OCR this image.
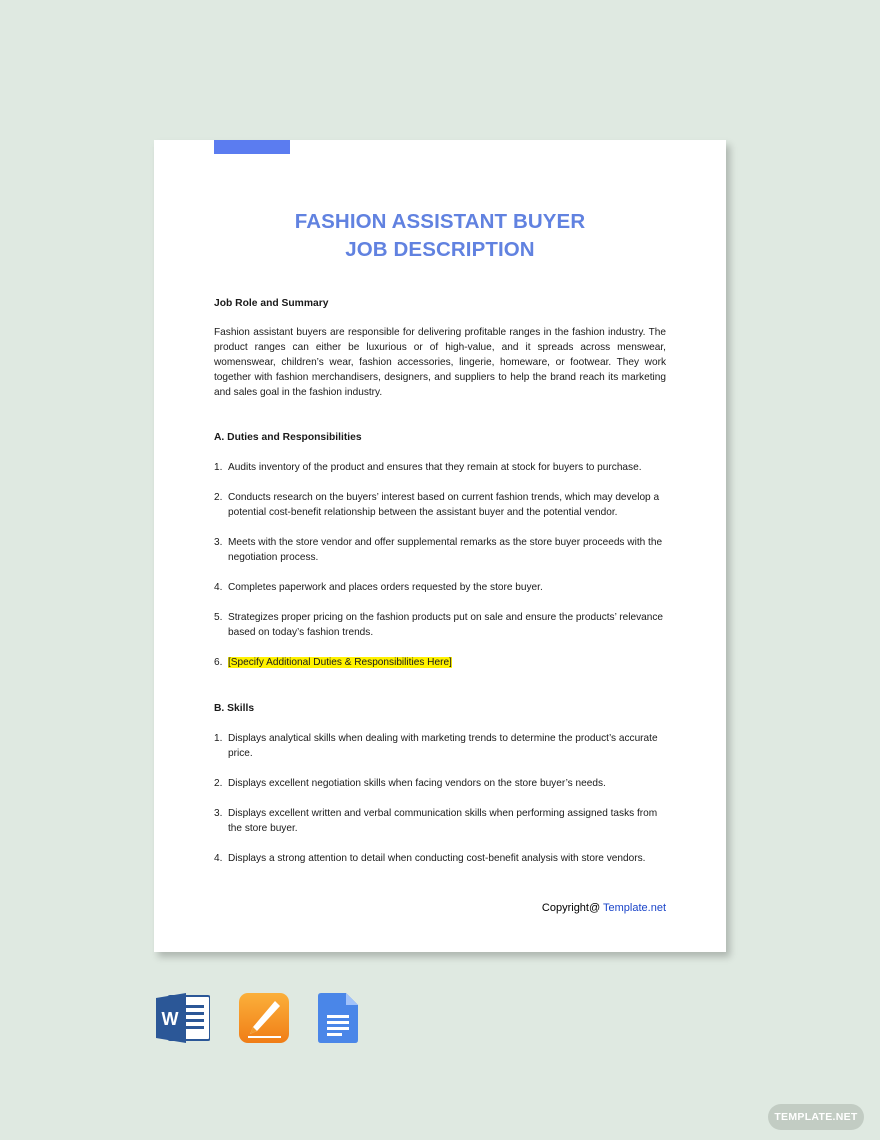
FASHION ASSISTANT BUYER
JOB DESCRIPTION

Job Role and Summary

Fashion assistant buyers are responsible for delivering profitable ranges in the fashion industry. The product ranges can either be luxurious or of high-value, and it spreads across menswear, womenswear, children’s wear, fashion accessories, lingerie, homeware, or footwear. They work together with fashion merchandisers, designers, and suppliers to help the brand reach its marketing and sales goal in the fashion industry.

A. Duties and Responsibilities

1. Audits inventory of the product and ensures that they remain at stock for buyers to purchase.
2. Conducts research on the buyers’ interest based on current fashion trends, which may develop a potential cost-benefit relationship between the assistant buyer and the potential vendor.
3. Meets with the store vendor and offer supplemental remarks as the store buyer proceeds with the negotiation process.
4. Completes paperwork and places orders requested by the store buyer.
5. Strategizes proper pricing on the fashion products put on sale and ensure the products’ relevance based on today’s fashion trends.
6. [Specify Additional Duties & Responsibilities Here]

B. Skills

1. Displays analytical skills when dealing with marketing trends to determine the product’s accurate price.
2. Displays excellent negotiation skills when facing vendors on the store buyer’s needs.
3. Displays excellent written and verbal communication skills when performing assigned tasks from the store buyer.
4. Displays a strong attention to detail when conducting cost-benefit analysis with store vendors.
Copyright@ Template.net
W
TEMPLATE.NET
